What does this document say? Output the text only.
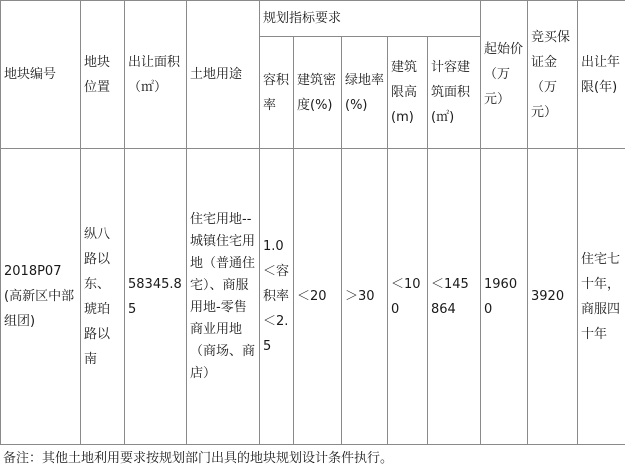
地块编号	地块位置	出让面积（㎡）	土地用途	规划指标要求					起始价（万元）	竞买保证金（万元）	出让年限(年)
				容积率	建筑密度(%)	绿地率(%)	建筑限高(m)	计容建筑面积(㎡)			
2018P07(高新区中部组团)	纵八路以东、琥珀路以南	58345.85	住宅用地--城镇住宅用地（普通住宅）、商服用地-零售商业用地（商场、商店）	1.0＜容积率＜2.5	＜20	＞30	＜100	＜145864	19600	3920	住宅七十年，商服四十年
备注：其他土地利用要求按规划部门出具的地块规划设计条件执行。
